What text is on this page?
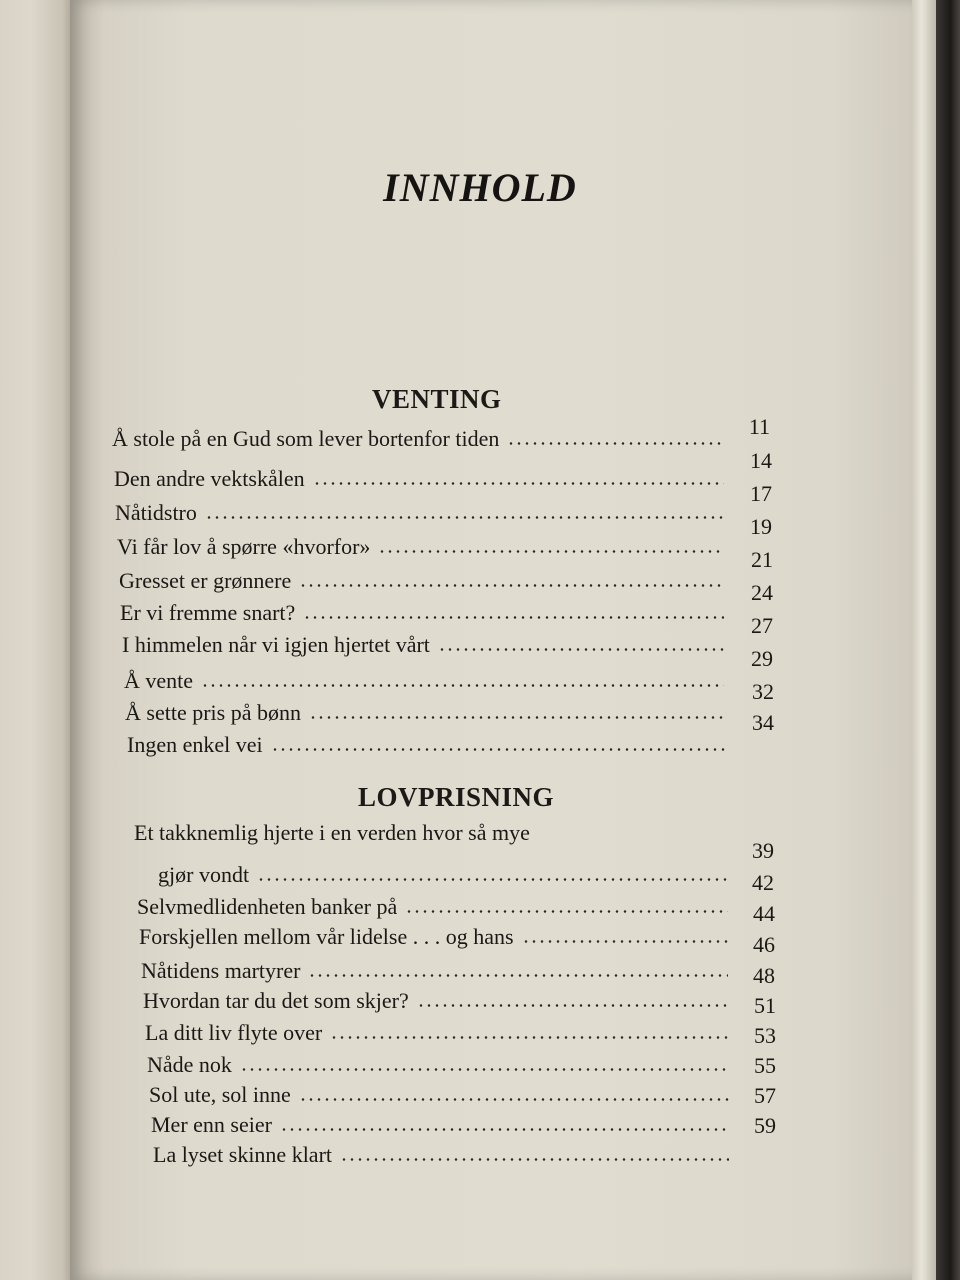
INNHOLD
VENTING
Å stole på en Gud som lever bortenfor tiden	11
Den andre vektskålen
14
Nåtidstro
17
Vi får lov å spørre «hvorfor»
19
Gresset er grønnere
21
Er vi fremme snart?
24
I himmelen når vi igjen hjertet vårt
27
Å vente
29
Å sette pris på bønn
32
Ingen enkel vei
34
LOVPRISNING
Et takknemlig hjerte i en verden hvor så mye
gjør vondt
39
Selvmedlidenheten banker på
42
Forskjellen mellom vår lidelse . . . og hans
44
Nåtidens martyrer
46
Hvordan tar du det som skjer?
48
La ditt liv flyte over
51
Nåde nok
53
Sol ute, sol inne
55
Mer enn seier
57
La lyset skinne klart
59
